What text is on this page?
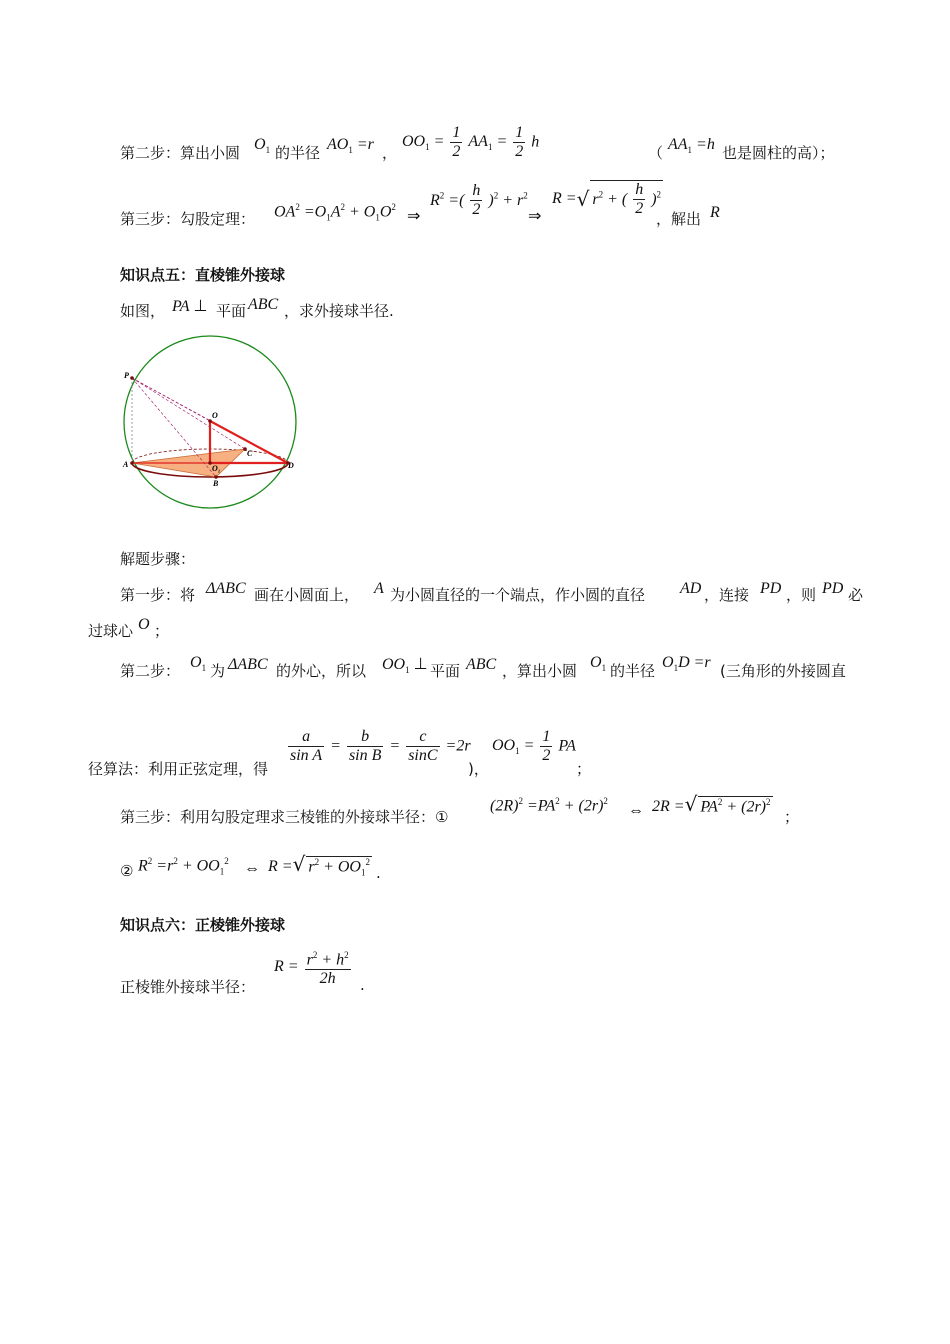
第二步：算出小圆 $O_1$ 的半径 $AO_1 =r$ ，
$OO_1 = \frac{1}{2} AA_1 = \frac{1}{2}$ h
（ $AA_1 =h$ 也是圆柱的高）；
第三步：勾股定理： $OA^2 =O_1A^2 + O_1O^2$
⇒
$R^2$ =( $\frac{h}{2} )^2 + r^2$
⇒
R =√ $r^2$ + ( $\frac{h}{2} )^2$
，解出 R
知识点五：直棱锥外接球
如图， PA ⊥ 平面 ABC ，求外接球半径.
P
O
O₁
C
A	D
B
解题步骤：
第一步：将 ΔABC 画在小圆面上， A 为小圆直径的一个端点，作小圆的直径 AD ，连接 PD ，则 PD 必
过球心 O ；
第二步： $O_1$ 为 ΔABC 的外心，所以 $OO_1$ ⊥ 平面 ABC ，算出小圆 $O_1$ 的半径 $O_1D =r$ (三角形的外接圆直
径算法：利用正弦定理，得
$\frac{a}{\text{sin A}} = \frac{b}{\text{sin B}} = \frac{c}{\sin C} =2r$
)，
$OO_1 = \frac{1}{2}$ PA
；
第三步：利用勾股定理求三棱锥的外接球半径：①
$(2R)^2 =PA^2 + (2r)^2$
⇔ 2R =√ $PA^2 + (2r)^2$
；
② $R^2 =r^2 + OO_1^2$ ⇔ R =√ $r^2 + OO_1^2$
.
知识点六：正棱锥外接球
正棱锥外接球半径：
$R = \frac{r^2 + h^2}{2h}$ .
